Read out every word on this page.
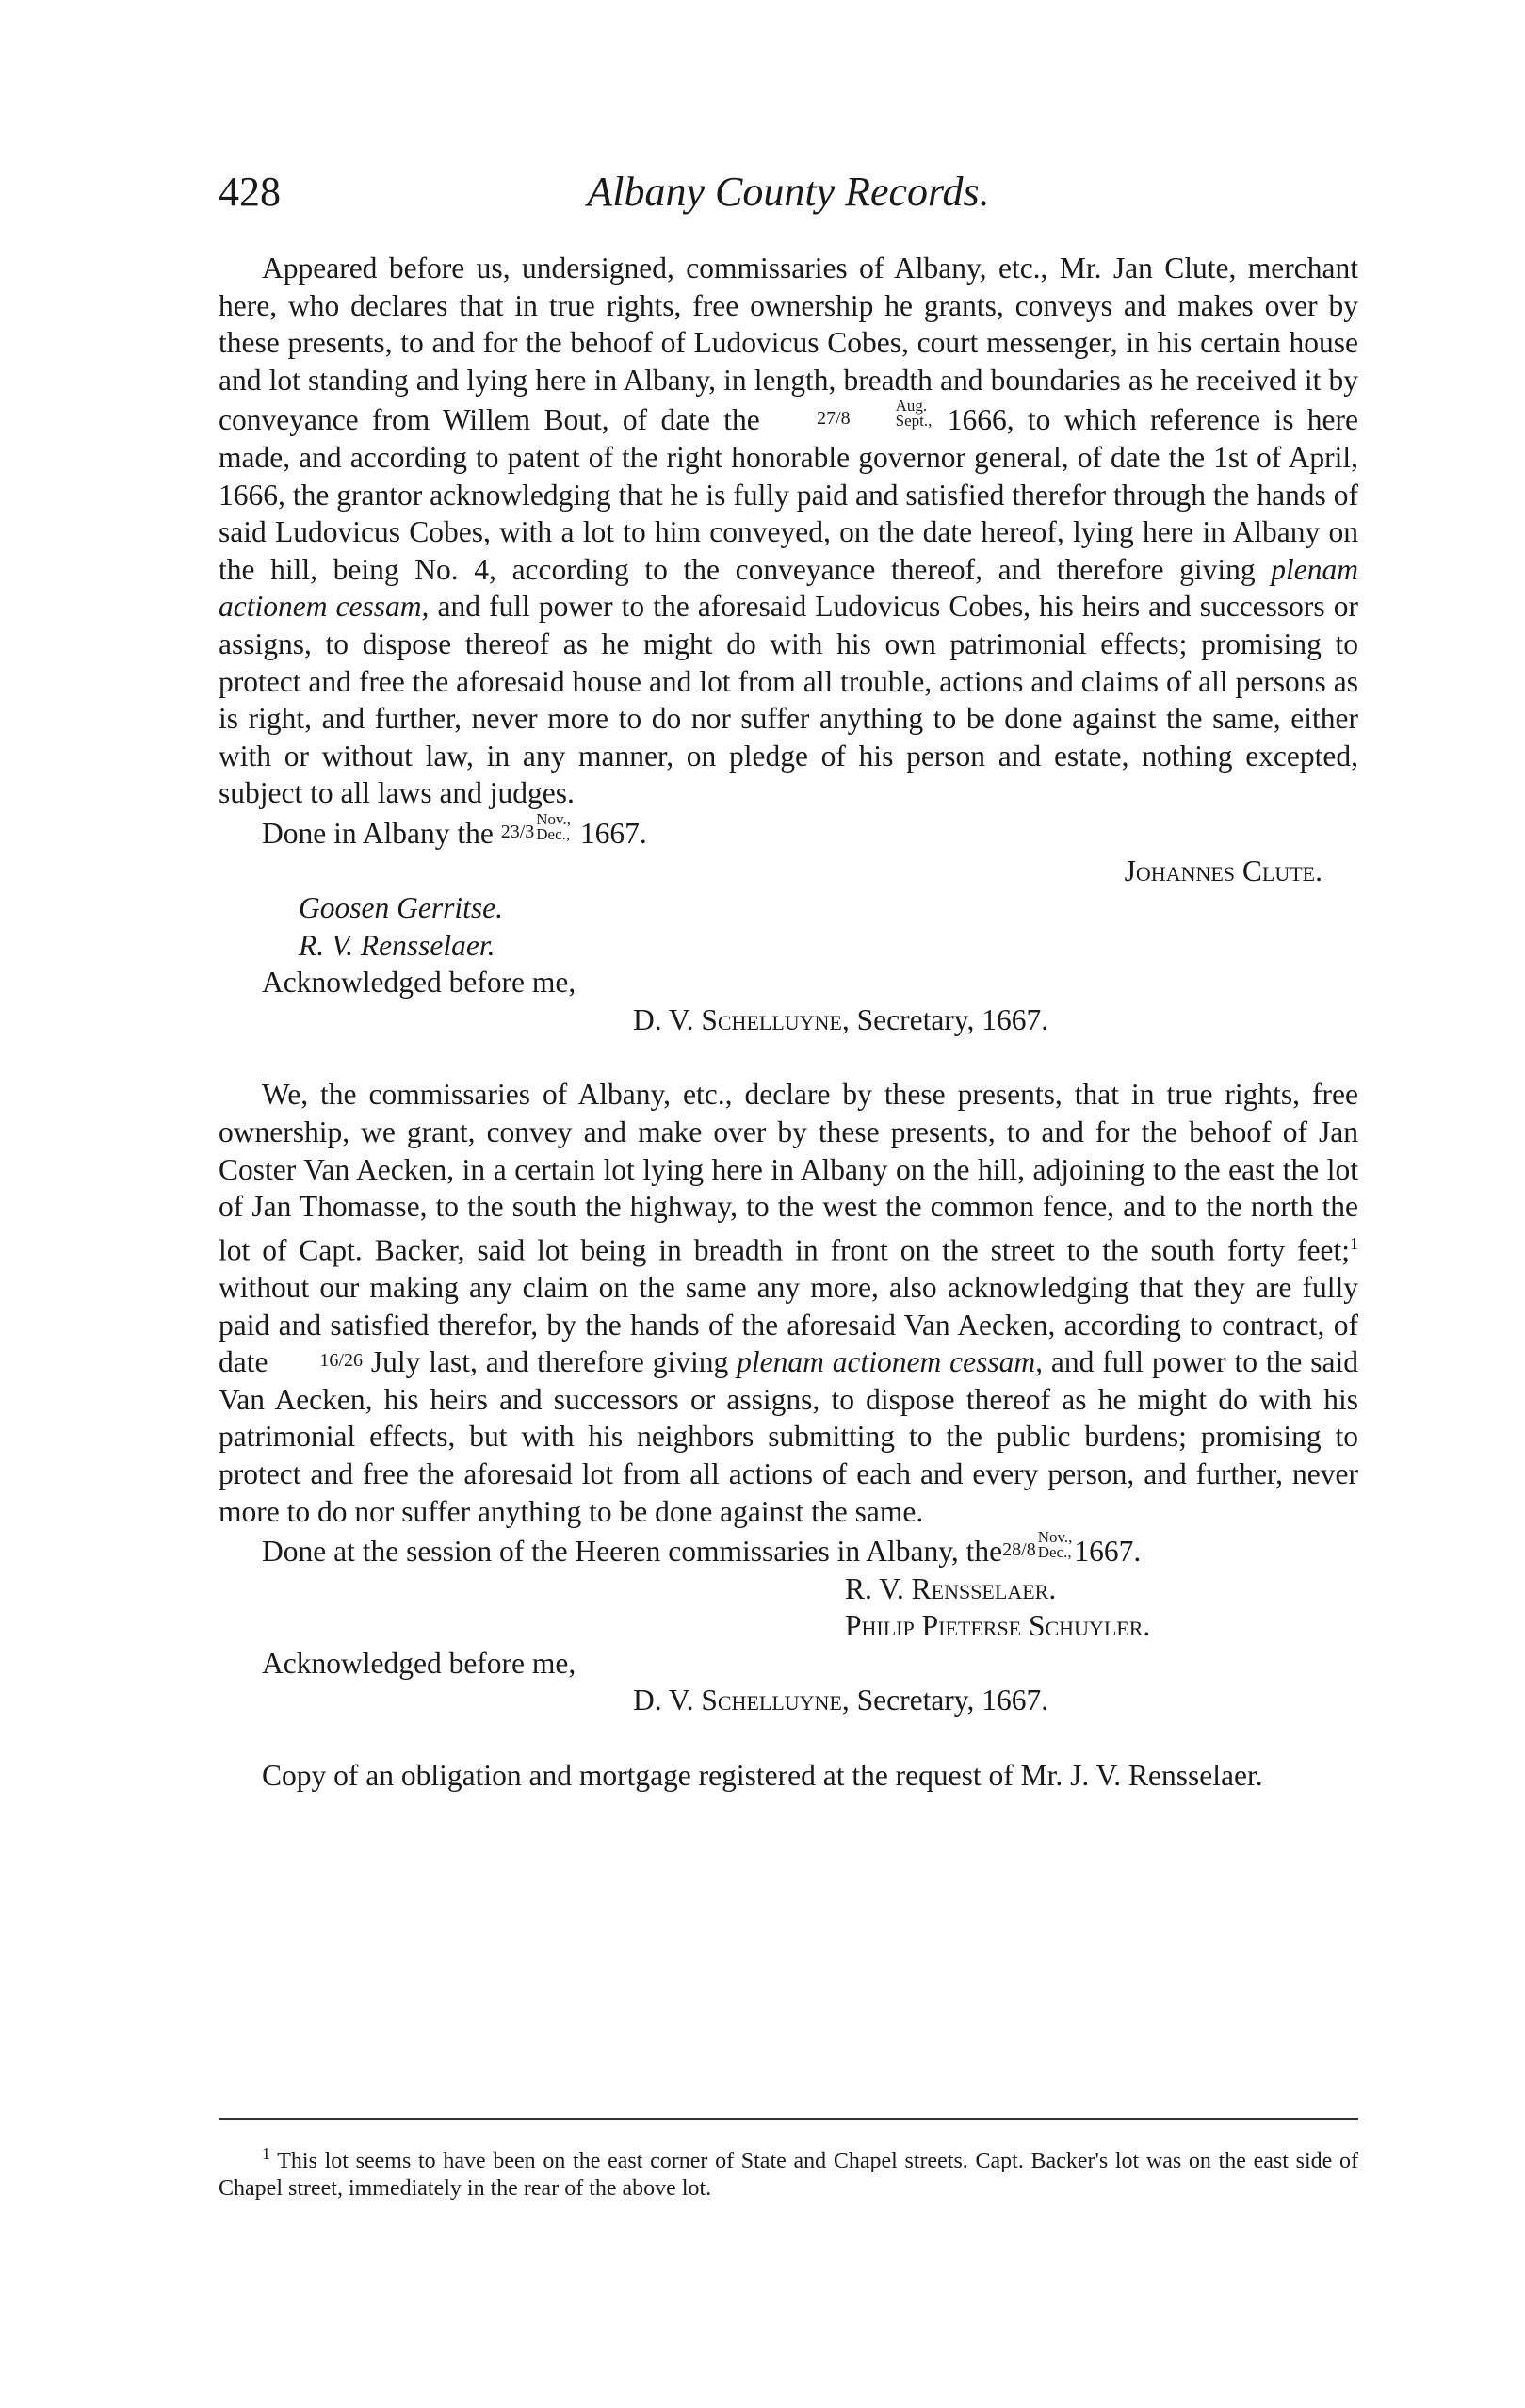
428	Albany County Records.

Appeared before us, undersigned, commissaries of Albany, etc., Mr. Jan Clute, merchant here, who declares that in true rights, free ownership he grants, conveys and makes over by these presents, to and for the behoof of Ludovicus Cobes, court messenger, in his certain house and lot standing and lying here in Albany, in length, breadth and boundaries as he received it by conveyance from Willem Bout, of date the	27/8
Aug.
Sept., 1666, to which reference is here made, and according to patent of the right honorable governor general, of date the 1st of April, 1666, the grantor acknowledging that he is fully paid and satisfied therefor through the hands of said Ludovicus Cobes, with a lot to him conveyed, on the date hereof, lying here in Albany on the hill, being No. 4, according to the conveyance thereof, and therefore giving plenam actionem cessam, and full power to the aforesaid Ludovicus Cobes, his heirs and successors or assigns, to dispose thereof as he might do with his own patrimonial effects; promising to protect and free the aforesaid house and lot from all trouble, actions and claims of all persons as is right, and further, never more to do nor suffer anything to be done against the same, either with or without law, in any manner, on pledge of his person and estate, nothing excepted, subject to all laws and judges.

Done in Albany the 23/3
Nov.,
Dec., 1667.

Johannes Clute.

Goosen Gerritse.

R. V. Rensselaer.

Acknowledged before me,

D. V. Schelluyne, Secretary, 1667.

We, the commissaries of Albany, etc., declare by these presents, that in true rights, free ownership, we grant, convey and make over by these presents, to and for the behoof of Jan Coster Van Aecken, in a certain lot lying here in Albany on the hill, adjoining to the east the lot of Jan Thomasse, to the south the highway, to the west the common fence, and to the north the lot of Capt. Backer, said lot being in breadth in front on the street to the south forty feet;$^1$ without our making any claim on the same any more, also acknowledging that they are fully paid and satisfied therefor, by the hands of the aforesaid Van Aecken, according to contract, of date	16/26 July last, and therefore giving plenam actionem cessam, and full power to the said Van Aecken, his heirs and successors or assigns, to dispose thereof as he might do with his patrimonial effects, but with his neighbors submitting to the public burdens; promising to protect and free the aforesaid lot from all actions of each and every person, and further, never more to do nor suffer anything to be done against the same.

Done at the session of the Heeren commissaries in Albany, the28/8
Nov.,
Dec., 1667.

R. V. Rensselaer.

Philip Pieterse Schuyler.

Acknowledged before me,

D. V. Schelluyne, Secretary, 1667.

Copy of an obligation and mortgage registered at the request of Mr. J. V. Rensselaer.

$^1$ This lot seems to have been on the east corner of State and Chapel streets. Capt. Backer's lot was on the east side of Chapel street, immediately in the rear of the above lot.
